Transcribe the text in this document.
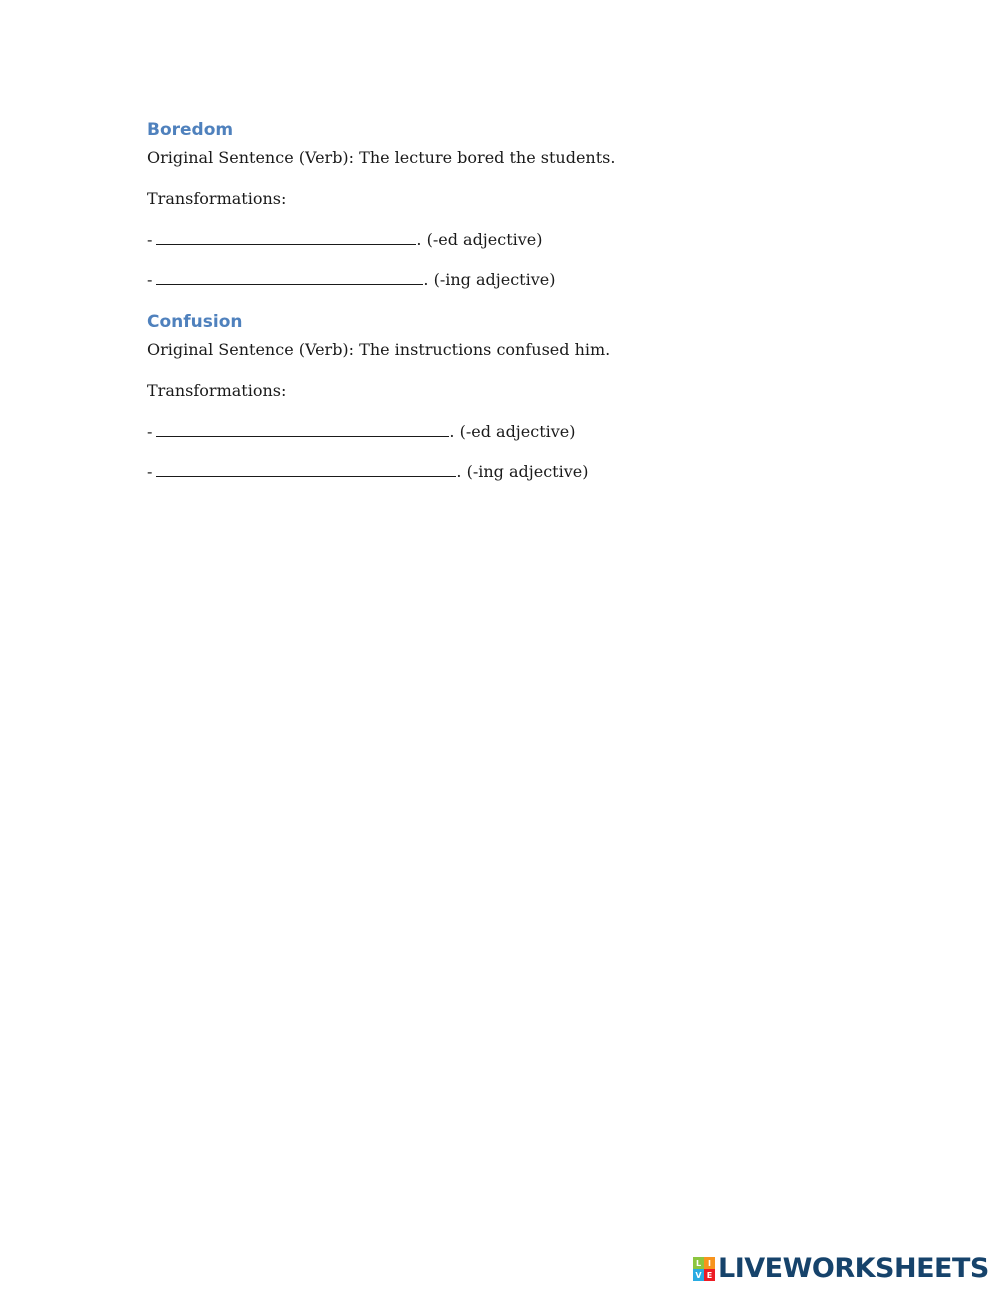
Boredom

Original Sentence (Verb): The lecture bored the students.

Transformations:

-	. (-ed adjective)

-	. (-ing adjective)

Confusion

Original Sentence (Verb): The instructions confused him.

Transformations:

-	. (-ed adjective)

-	. (-ing adjective)

L I
V E LIVEWORKSHEETS
